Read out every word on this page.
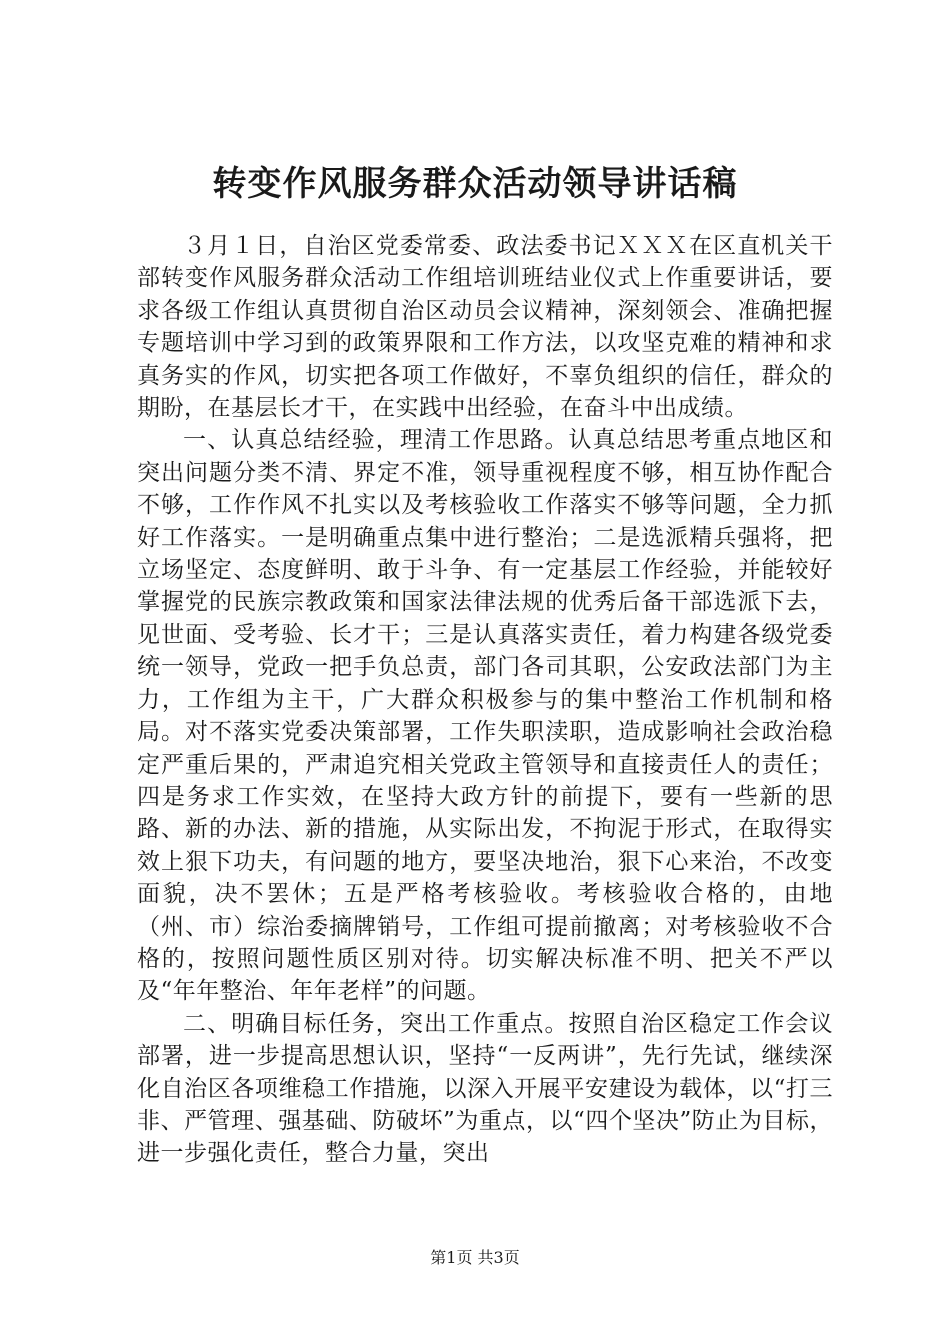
转变作风服务群众活动领导讲话稿

３月１日，自治区党委常委、政法委书记ＸＸＸ在区直机关干部转变作风服务群众活动工作组培训班结业仪式上作重要讲话，要求各级工作组认真贯彻自治区动员会议精神，深刻领会、准确把握专题培训中学习到的政策界限和工作方法，以攻坚克难的精神和求真务实的作风，切实把各项工作做好，不辜负组织的信任，群众的期盼，在基层长才干，在实践中出经验，在奋斗中出成绩。

一、认真总结经验，理清工作思路。认真总结思考重点地区和突出问题分类不清、界定不准，领导重视程度不够，相互协作配合不够，工作作风不扎实以及考核验收工作落实不够等问题，全力抓好工作落实。一是明确重点集中进行整治；二是选派精兵强将，把立场坚定、态度鲜明、敢于斗争、有一定基层工作经验，并能较好掌握党的民族宗教政策和国家法律法规的优秀后备干部选派下去，见世面、受考验、长才干；三是认真落实责任，着力构建各级党委统一领导，党政一把手负总责，部门各司其职，公安政法部门为主力，工作组为主干，广大群众积极参与的集中整治工作机制和格局。对不落实党委决策部署，工作失职渎职，造成影响社会政治稳定严重后果的，严肃追究相关党政主管领导和直接责任人的责任；四是务求工作实效，在坚持大政方针的前提下，要有一些新的思路、新的办法、新的措施，从实际出发，不拘泥于形式，在取得实效上狠下功夫，有问题的地方，要坚决地治，狠下心来治，不改变面貌，决不罢休；五是严格考核验收。考核验收合格的，由地（州、市）综治委摘牌销号，工作组可提前撤离；对考核验收不合格的，按照问题性质区别对待。切实解决标准不明、把关不严以及“年年整治、年年老样”的问题。

二、明确目标任务，突出工作重点。按照自治区稳定工作会议部署，进一步提高思想认识，坚持“一反两讲”，先行先试，继续深化自治区各项维稳工作措施，以深入开展平安建设为载体，以“打三非、严管理、强基础、防破坏”为重点，以“四个坚决”防止为目标，进一步强化责任，整合力量，突出

第1页 共3页
